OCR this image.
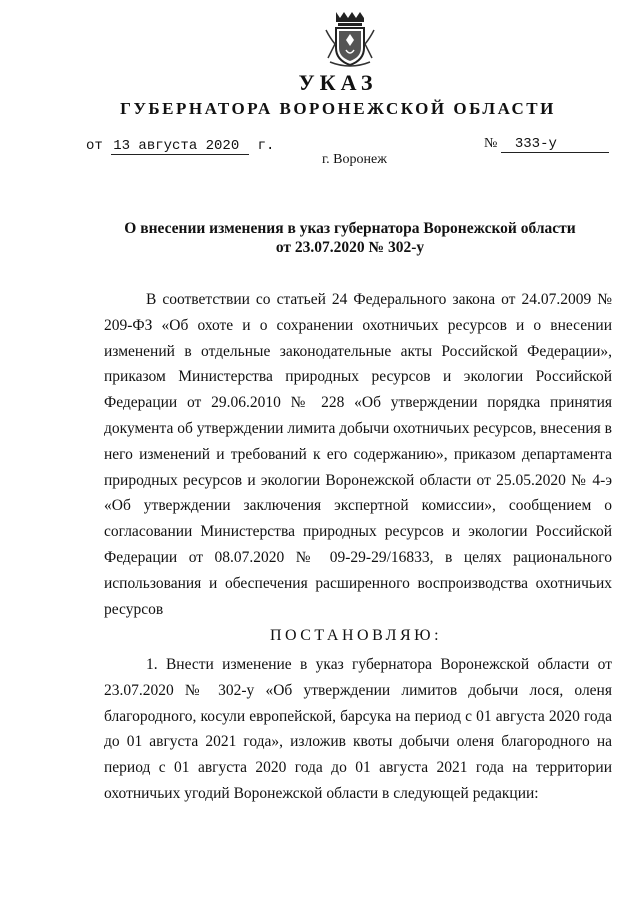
УКАЗ
ГУБЕРНАТОРА ВОРОНЕЖСКОЙ ОБЛАСТИ
от 13 августа 2020 г.	№ 333-у
г. Воронеж

О внесении изменения в указ губернатора Воронежской области от 23.07.2020 № 302-у

В соответствии со статьей 24 Федерального закона от 24.07.2009 № 209-ФЗ «Об охоте и о сохранении охотничьих ресурсов и о внесении изменений в отдельные законодательные акты Российской Федерации», приказом Министерства природных ресурсов и экологии Российской Федерации от 29.06.2010 № 228 «Об утверждении порядка принятия документа об утверждении лимита добычи охотничьих ресурсов, внесения в него изменений и требований к его содержанию», приказом департамента природных ресурсов и экологии Воронежской области от 25.05.2020 № 4-э «Об утверждении заключения экспертной комиссии», сообщением о согласовании Министерства природных ресурсов и экологии Российской Федерации от 08.07.2020 № 09-29-29/16833, в целях рационального использования и обеспечения расширенного воспроизводства охотничьих ресурсов

ПОСТАНОВЛЯЮ:

1. Внести изменение в указ губернатора Воронежской области от 23.07.2020 № 302-у «Об утверждении лимитов добычи лося, оленя благородного, косули европейской, барсука на период с 01 августа 2020 года до 01 августа 2021 года», изложив квоты добычи оленя благородного на период с 01 августа 2020 года до 01 августа 2021 года на территории охотничьих угодий Воронежской области в следующей редакции:
